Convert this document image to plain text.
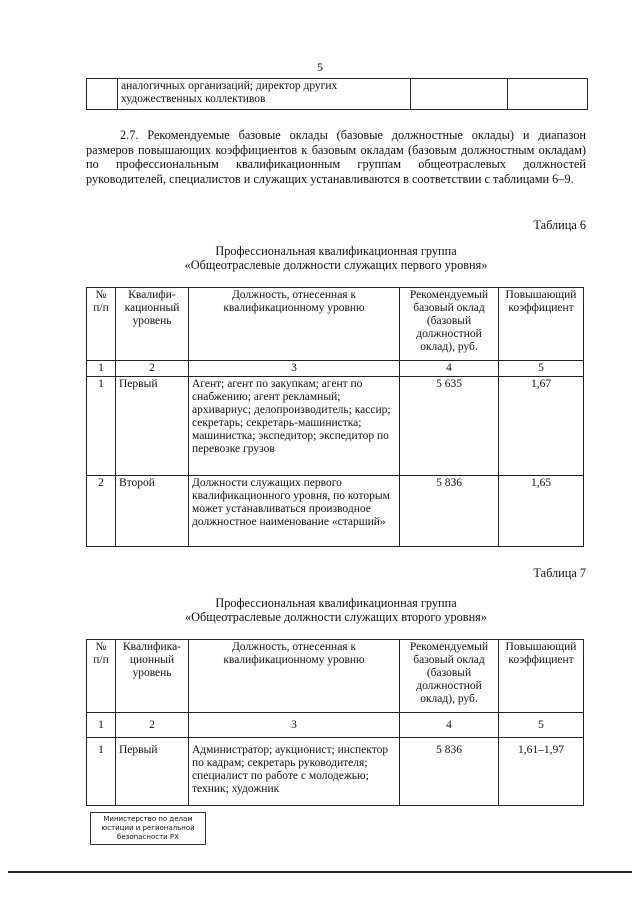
5
	аналогичных организаций; директор других художественных коллективов		
2.7. Рекомендуемые базовые оклады (базовые должностные оклады) и диапазон размеров повышающих коэффициентов к базовым окладам (базовым должностным окладам) по профессиональным квалификационным группам общеотраслевых должностей руководителей, специалистов и служащих устанавливаются в соответствии с таблицами 6–9.
Таблица 6
Профессиональная квалификационная группа
«Общеотраслевые должности служащих первого уровня»
№ п/п	Квалифи-кационный уровень	Должность, отнесенная к квалификационному уровню	Рекомендуемый базовый оклад (базовый должностной оклад), руб.	Повышающий коэффициент
1	2	3	4	5
1	Первый	Агент; агент по закупкам; агент по снабжению; агент рекламный; архивариус; делопроизводитель; кассир; секретарь; секретарь-машинистка; машинистка; экспедитор; экспедитор по перевозке грузов	5 635	1,67
2	Второй	Должности служащих первого квалификационного уровня, по которым может устанавливаться производное должностное наименование «старший»	5 836	1,65
Таблица 7
Профессиональная квалификационная группа
«Общеотраслевые должности служащих второго уровня»
№ п/п	Квалифика-ционный уровень	Должность, отнесенная к квалификационному уровню	Рекомендуемый базовый оклад (базовый должностной оклад), руб.	Повышающий коэффициент
1	2	3	4	5
1	Первый	Администратор; аукционист; инспектор по кадрам; секретарь руководителя; специалист по работе с молодежью; техник; художник	5 836	1,61–1,97
Министерство по делам
юстиции и региональной
безопасности РХ
